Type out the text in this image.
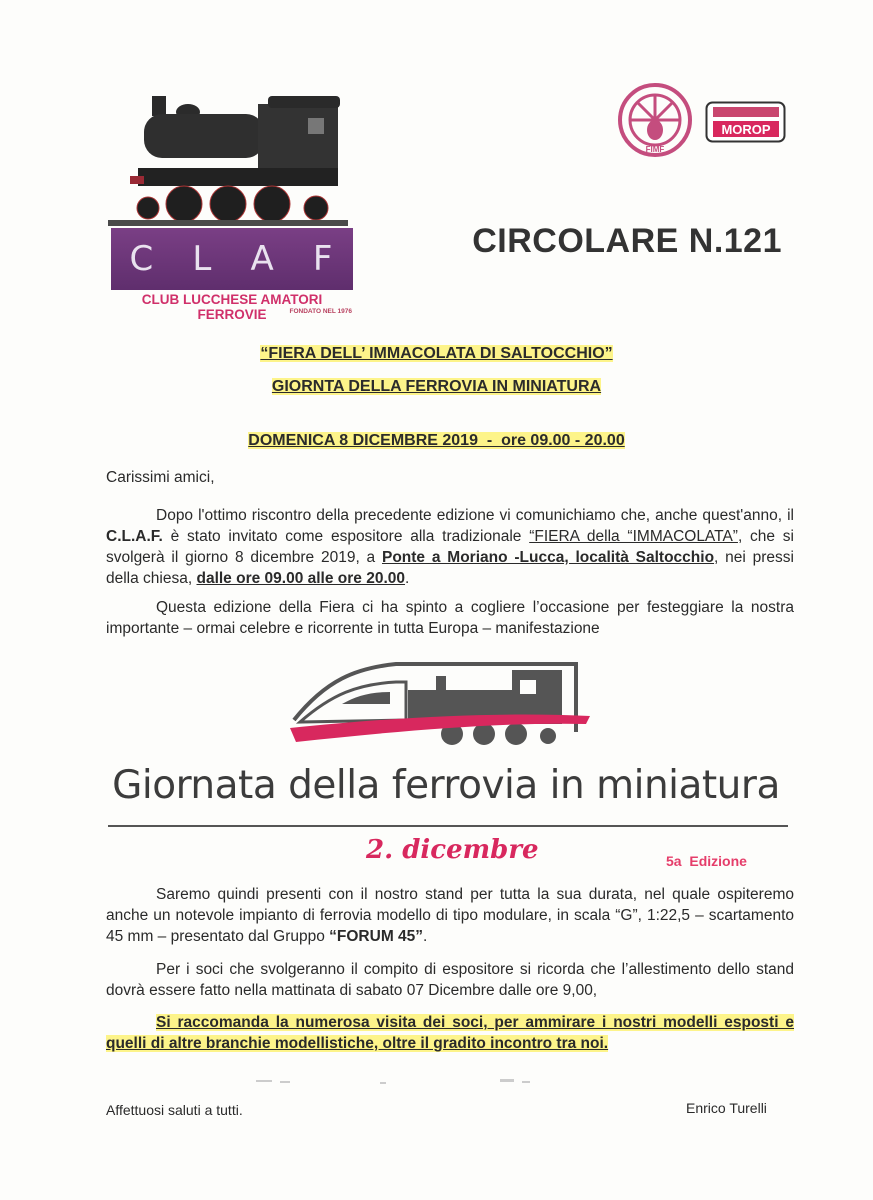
C L A F
CLUB LUCCHESE AMATORI FERROVIE	FONDATO NEL 1976
FIMF
MOROP
CIRCOLARE N.121
“FIERA DELL’ IMMACOLATA DI SALTOCCHIO”
GIORNTA DELLA FERROVIA IN MINIATURA
DOMENICA 8 DICEMBRE 2019  -  ore 09.00 - 20.00
Carissimi amici,
Dopo l'ottimo riscontro della precedente edizione vi comunichiamo che, anche quest'anno, il C.L.A.F. è stato invitato come espositore alla tradizionale “FIERA della “IMMACOLATA”, che si svolgerà il giorno 8 dicembre 2019, a Ponte a Moriano -Lucca, località Saltocchio, nei pressi della chiesa, dalle ore 09.00 alle ore 20.00.
Questa edizione della Fiera ci ha spinto a cogliere l’occasione per festeggiare la nostra importante – ormai celebre e ricorrente in tutta Europa – manifestazione
Giornata della ferrovia in miniatura
2. dicembre	5a  Edizione
Saremo quindi presenti con il nostro stand per tutta la sua durata, nel quale ospiteremo anche un notevole impianto di ferrovia modello di tipo modulare, in scala “G”, 1:22,5 – scartamento 45 mm – presentato dal Gruppo “FORUM 45”.
Per i soci che svolgeranno il compito di espositore si ricorda che l’allestimento dello stand dovrà essere fatto nella mattinata di sabato 07 Dicembre dalle ore 9,00,
Si raccomanda la numerosa visita dei soci, per ammirare i nostri modelli esposti e quelli di altre branchie modellistiche, oltre il gradito incontro tra noi.
Affettuosi saluti a tutti.	Enrico Turelli
